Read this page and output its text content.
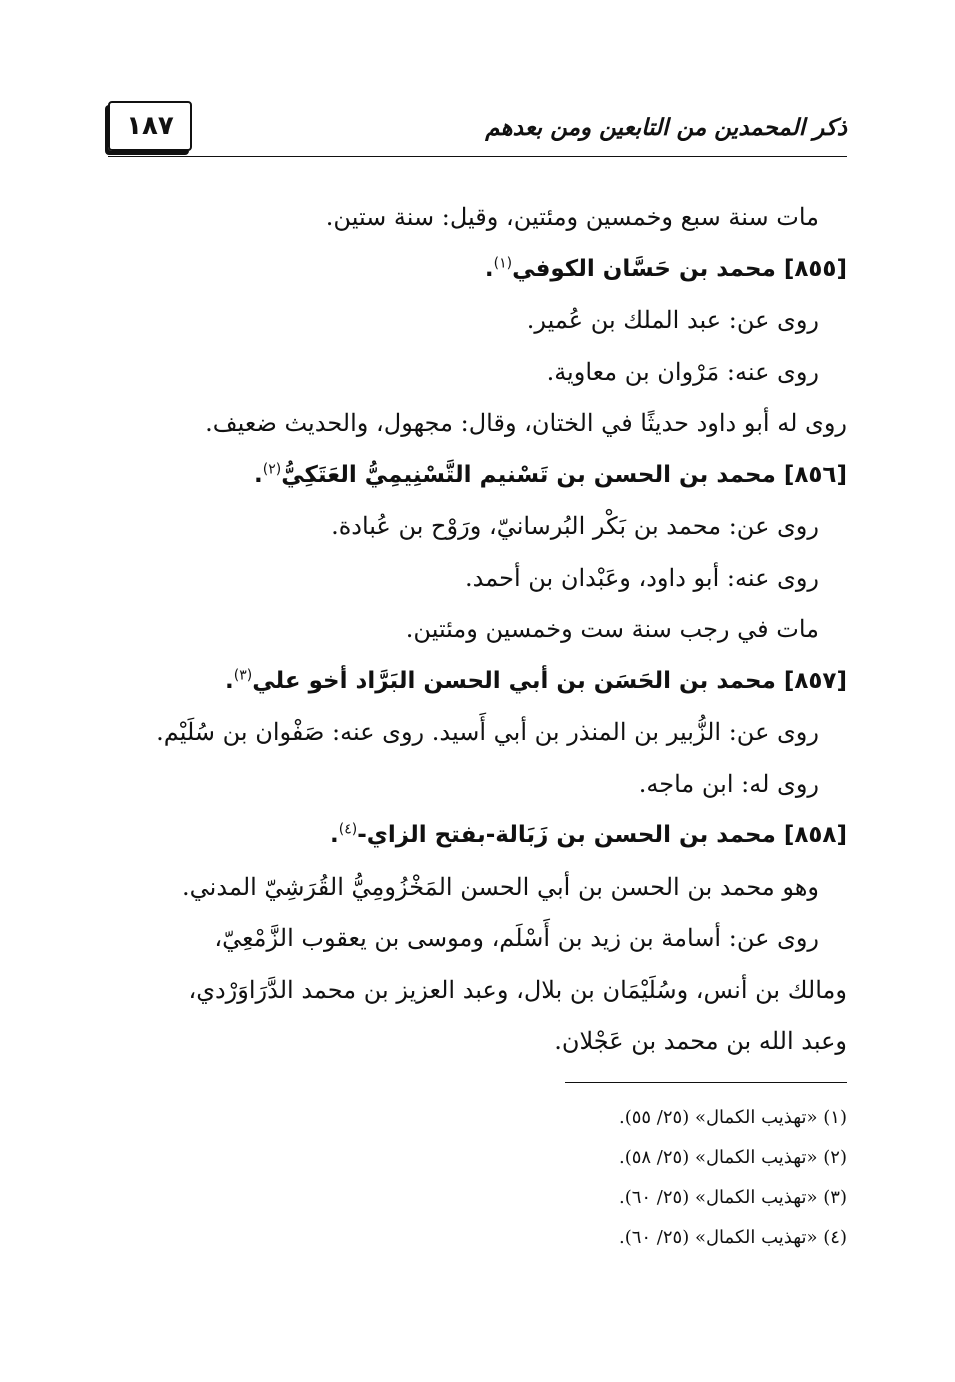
١٨٧	ذكر المحمدين من التابعين ومن بعدهم
مات سنة سبع وخمسين ومئتين، وقيل: سنة ستين.
[٨٥٥] محمد بن حَسَّان الكوفي$^{(١)}$.
روى عن: عبد الملك بن عُمير.
روى عنه: مَرْوان بن معاوية.
روى له أبو داود حديثًا في الختان، وقال: مجهول، والحديث ضعيف.
[٨٥٦] محمد بن الحسن بن تَسْنيم التَّسْنِيمِيُّ العَتَكِيُّ$^{(٢)}$.
روى عن: محمد بن بَكْر البُرسانيّ، ورَوْح بن عُبادة.
روى عنه: أبو داود، وعَبْدان بن أحمد.
مات في رجب سنة ست وخمسين ومئتين.
[٨٥٧] محمد بن الحَسَن بن أبي الحسن البَرَّاد أخو علي$^{(٣)}$.
روى عن: الزُّبير بن المنذر بن أبي أَسيد. روى عنه: صَفْوان بن سُلَيْم.
روى له: ابن ماجه.
[٨٥٨] محمد بن الحسن بن زَبَالة-بفتح الزاي-$^{(٤)}$.
وهو محمد بن الحسن بن أبي الحسن المَخْزُومِيُّ القُرَشِيّ المدني.
روى عن: أسامة بن زيد بن أَسْلَم، وموسى بن يعقوب الزَّمْعِيّ،
ومالك بن أنس، وسُلَيْمَان بن بلال، وعبد العزيز بن محمد الدَّرَاوَرْدي،
وعبد الله بن محمد بن عَجْلان.
(١) «تهذيب الكمال» (٢٥/ ٥٥).
(٢) «تهذيب الكمال» (٢٥/ ٥٨).
(٣) «تهذيب الكمال» (٢٥/ ٦٠).
(٤) «تهذيب الكمال» (٢٥/ ٦٠).
